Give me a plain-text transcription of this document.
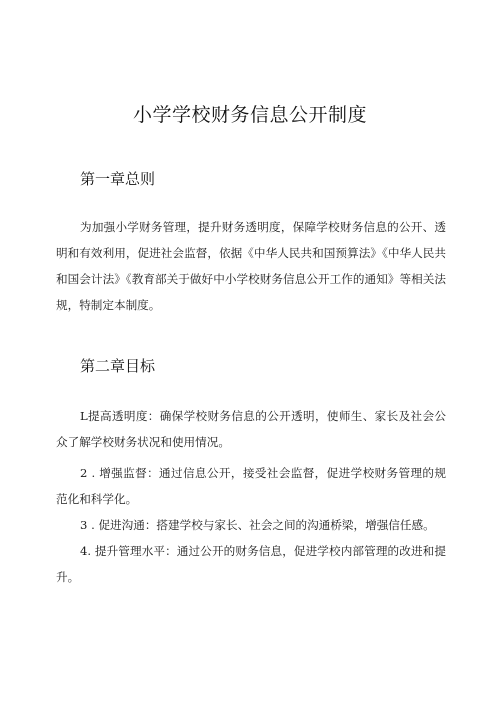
小学学校财务信息公开制度
第一章总则

为加强小学财务管理，提升财务透明度，保障学校财务信息的公开、透明和有效利用，促进社会监督，依据《中华人民共和国预算法》《中华人民共和国会计法》《教育部关于做好中小学校财务信息公开工作的通知》等相关法规，特制定本制度。

第二章目标

L提高透明度：确保学校财务信息的公开透明，使师生、家长及社会公众了解学校财务状况和使用情况。

2 . 增强监督：通过信息公开，接受社会监督，促进学校财务管理的规范化和科学化。

3 . 促进沟通：搭建学校与家长、社会之间的沟通桥梁，增强信任感。

4. 提升管理水平：通过公开的财务信息，促进学校内部管理的改进和提升。
